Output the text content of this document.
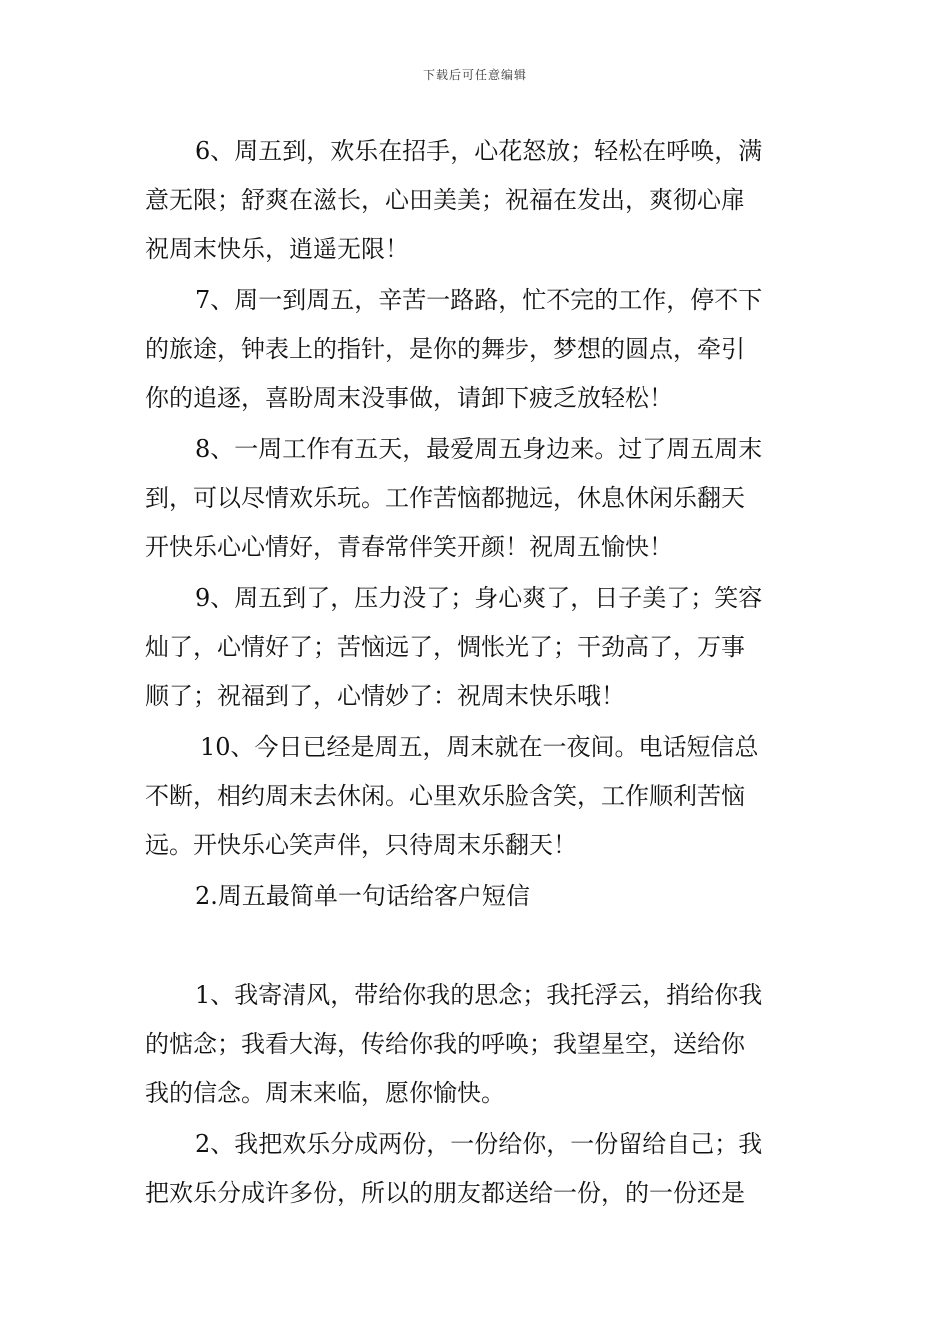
下载后可任意编辑
6、周五到，欢乐在招手，心花怒放；轻松在呼唤，满
意无限；舒爽在滋长，心田美美；祝福在发出，爽彻心扉
祝周末快乐，逍遥无限！
7、周一到周五，辛苦一路路，忙不完的工作，停不下
的旅途，钟表上的指针，是你的舞步，梦想的圆点，牵引
你的追逐，喜盼周末没事做，请卸下疲乏放轻松！
8、一周工作有五天，最爱周五身边来。过了周五周末
到，可以尽情欢乐玩。工作苦恼都抛远，休息休闲乐翻天
开快乐心心情好，青春常伴笑开颜！祝周五愉快！
9、周五到了，压力没了；身心爽了，日子美了；笑容
灿了，心情好了；苦恼远了，惆怅光了；干劲高了，万事
顺了；祝福到了，心情妙了：祝周末快乐哦！
10、今日已经是周五，周末就在一夜间。电话短信总
不断，相约周末去休闲。心里欢乐脸含笑，工作顺利苦恼
远。开快乐心笑声伴，只待周末乐翻天！
2.周五最简单一句话给客户短信
1、我寄清风，带给你我的思念；我托浮云，捎给你我
的惦念；我看大海，传给你我的呼唤；我望星空，送给你
我的信念。周末来临，愿你愉快。
2、我把欢乐分成两份，一份给你，一份留给自己；我
把欢乐分成许多份，所以的朋友都送给一份，的一份还是
